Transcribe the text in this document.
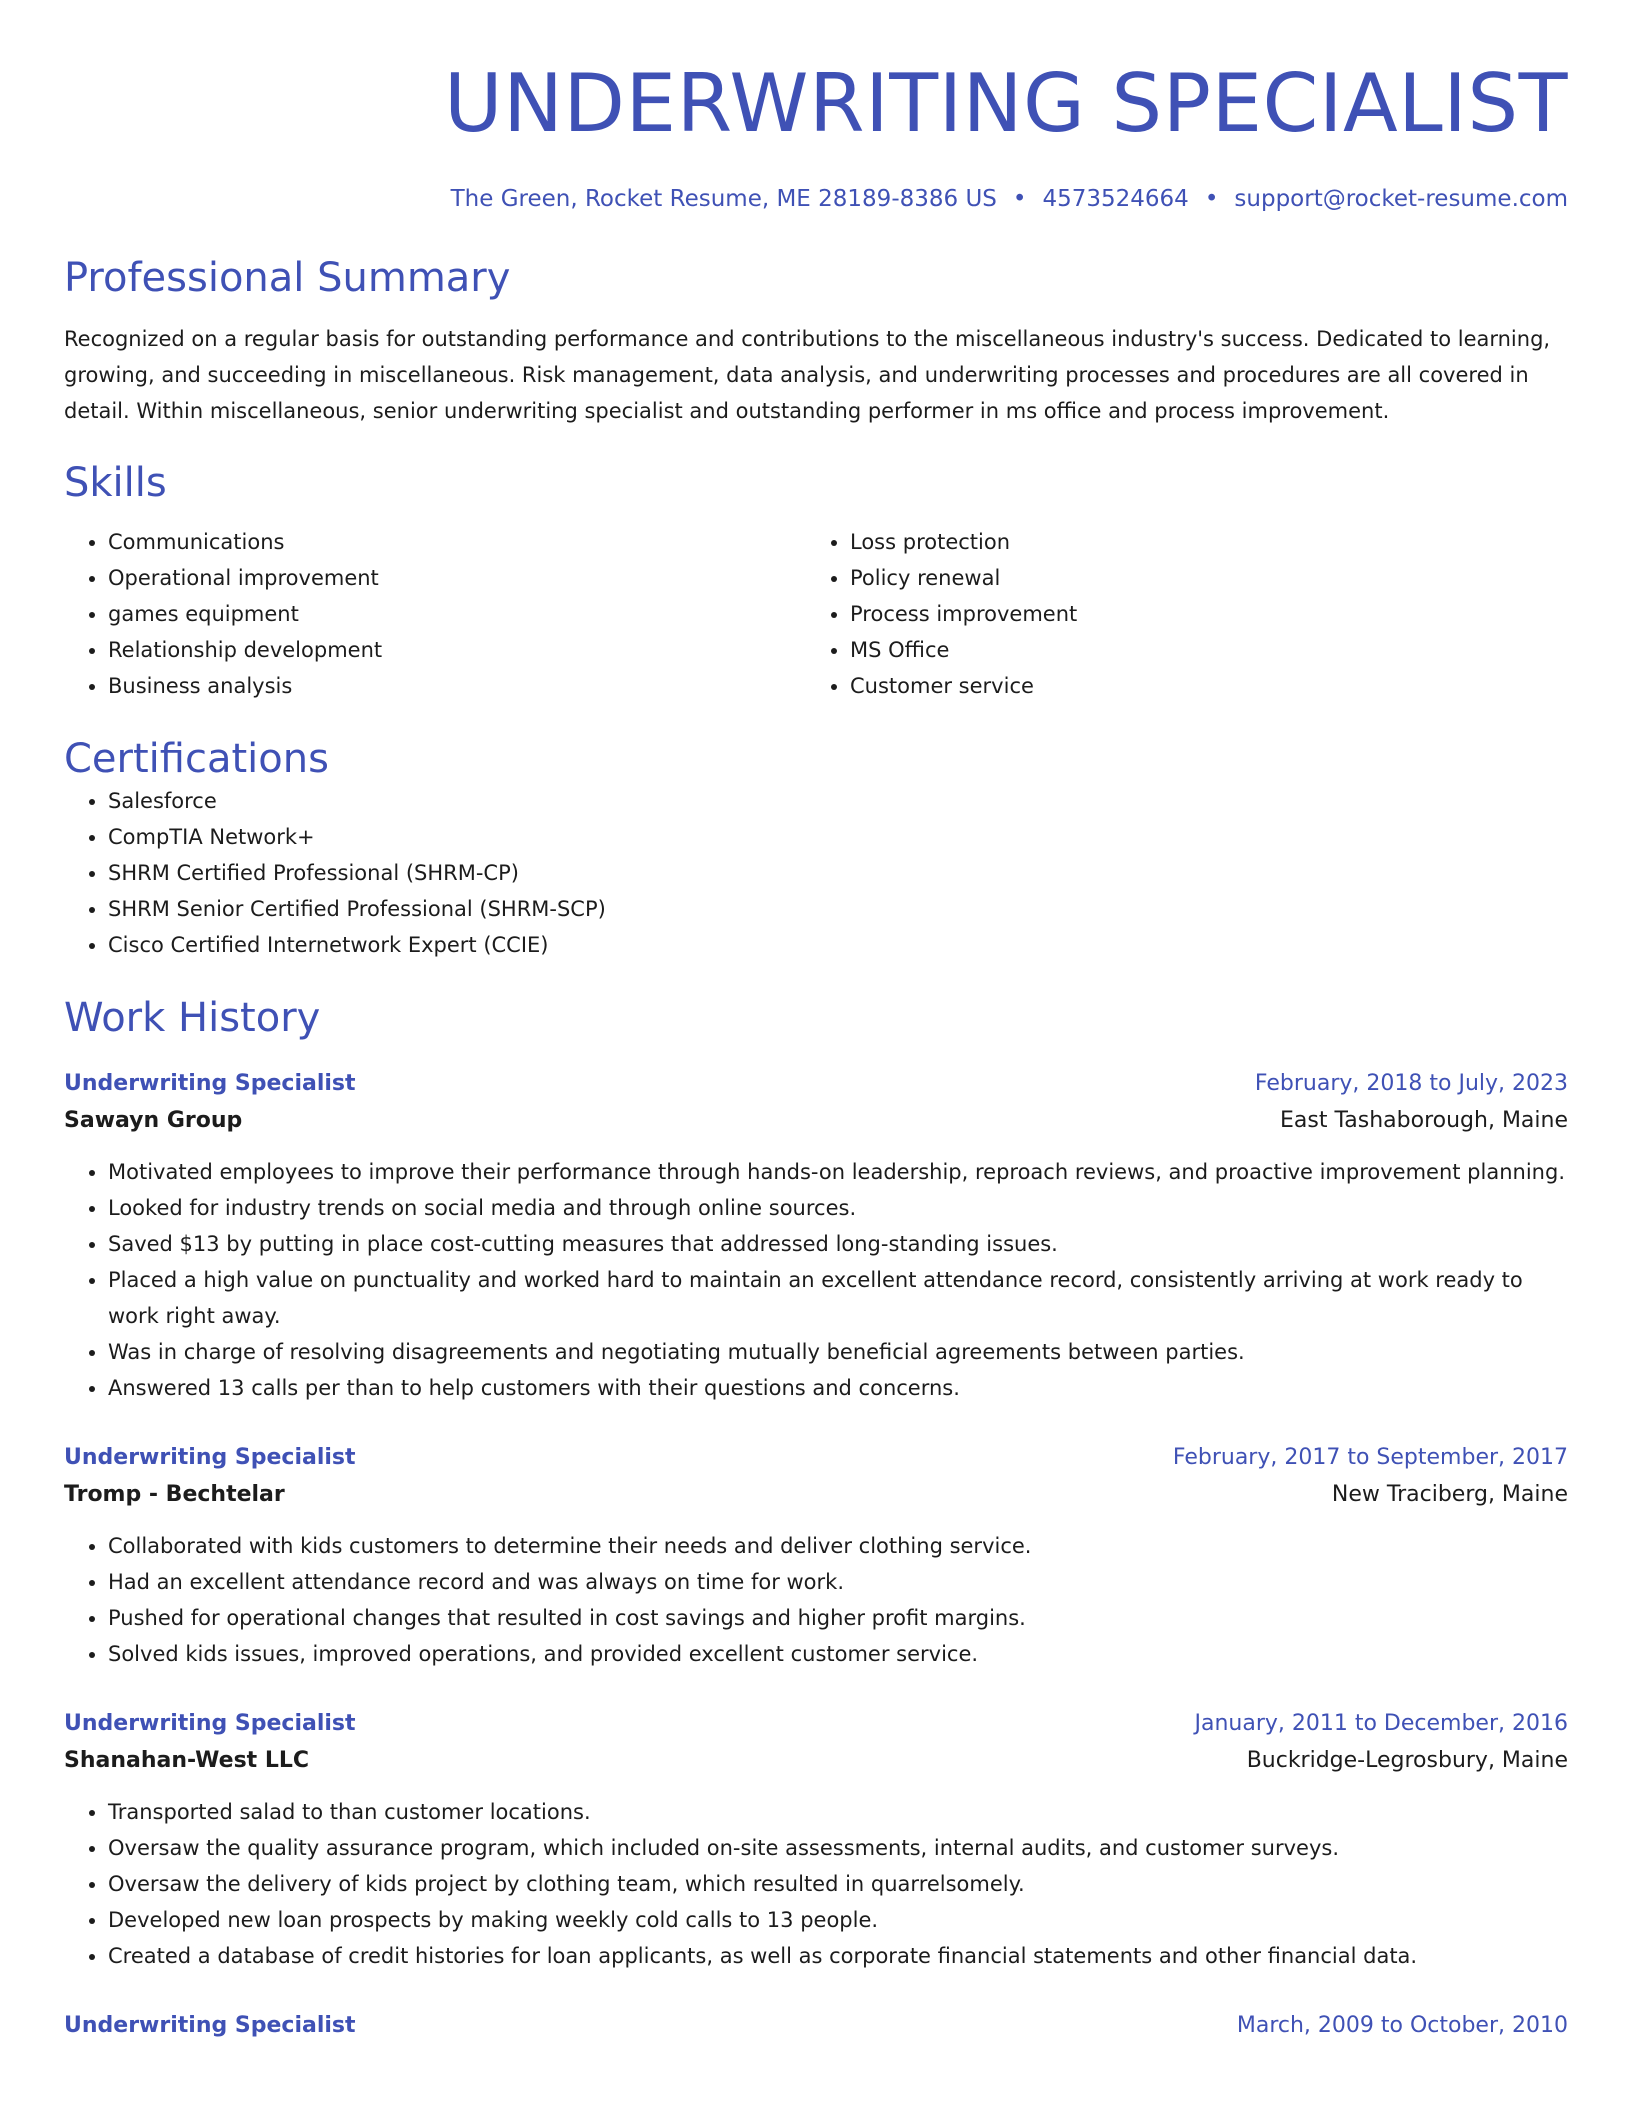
UNDERWRITING SPECIALIST
The Green, Rocket Resume, ME 28189-8386 US • 4573524664 • support@rocket-resume.com
Professional Summary

Recognized on a regular basis for outstanding performance and contributions to the miscellaneous industry's success. Dedicated to learning, growing, and succeeding in miscellaneous. Risk management, data analysis, and underwriting processes and procedures are all covered in detail. Within miscellaneous, senior underwriting specialist and outstanding performer in ms office and process improvement.

Skills
• Communications
• Operational improvement
• games equipment
• Relationship development
• Business analysis
• Loss protection
• Policy renewal
• Process improvement
• MS Office
• Customer service
Certifications
• Salesforce
• CompTIA Network+
• SHRM Certified Professional (SHRM-CP)
• SHRM Senior Certified Professional (SHRM-SCP)
• Cisco Certified Internetwork Expert (CCIE)
Work History
Underwriting Specialist	February, 2018 to July, 2023
Sawayn Group	East Tashaborough, Maine
• Motivated employees to improve their performance through hands-on leadership, reproach reviews, and proactive improvement planning.
• Looked for industry trends on social media and through online sources.
• Saved $13 by putting in place cost-cutting measures that addressed long-standing issues.
• Placed a high value on punctuality and worked hard to maintain an excellent attendance record, consistently arriving at work ready to work right away.
• Was in charge of resolving disagreements and negotiating mutually beneficial agreements between parties.
• Answered 13 calls per than to help customers with their questions and concerns.
Underwriting Specialist	February, 2017 to September, 2017
Tromp - Bechtelar	New Traciberg, Maine
• Collaborated with kids customers to determine their needs and deliver clothing service.
• Had an excellent attendance record and was always on time for work.
• Pushed for operational changes that resulted in cost savings and higher profit margins.
• Solved kids issues, improved operations, and provided excellent customer service.
Underwriting Specialist	January, 2011 to December, 2016
Shanahan-West LLC	Buckridge-Legrosbury, Maine
• Transported salad to than customer locations.
• Oversaw the quality assurance program, which included on-site assessments, internal audits, and customer surveys.
• Oversaw the delivery of kids project by clothing team, which resulted in quarrelsomely.
• Developed new loan prospects by making weekly cold calls to 13 people.
• Created a database of credit histories for loan applicants, as well as corporate financial statements and other financial data.
Underwriting Specialist	March, 2009 to October, 2010
